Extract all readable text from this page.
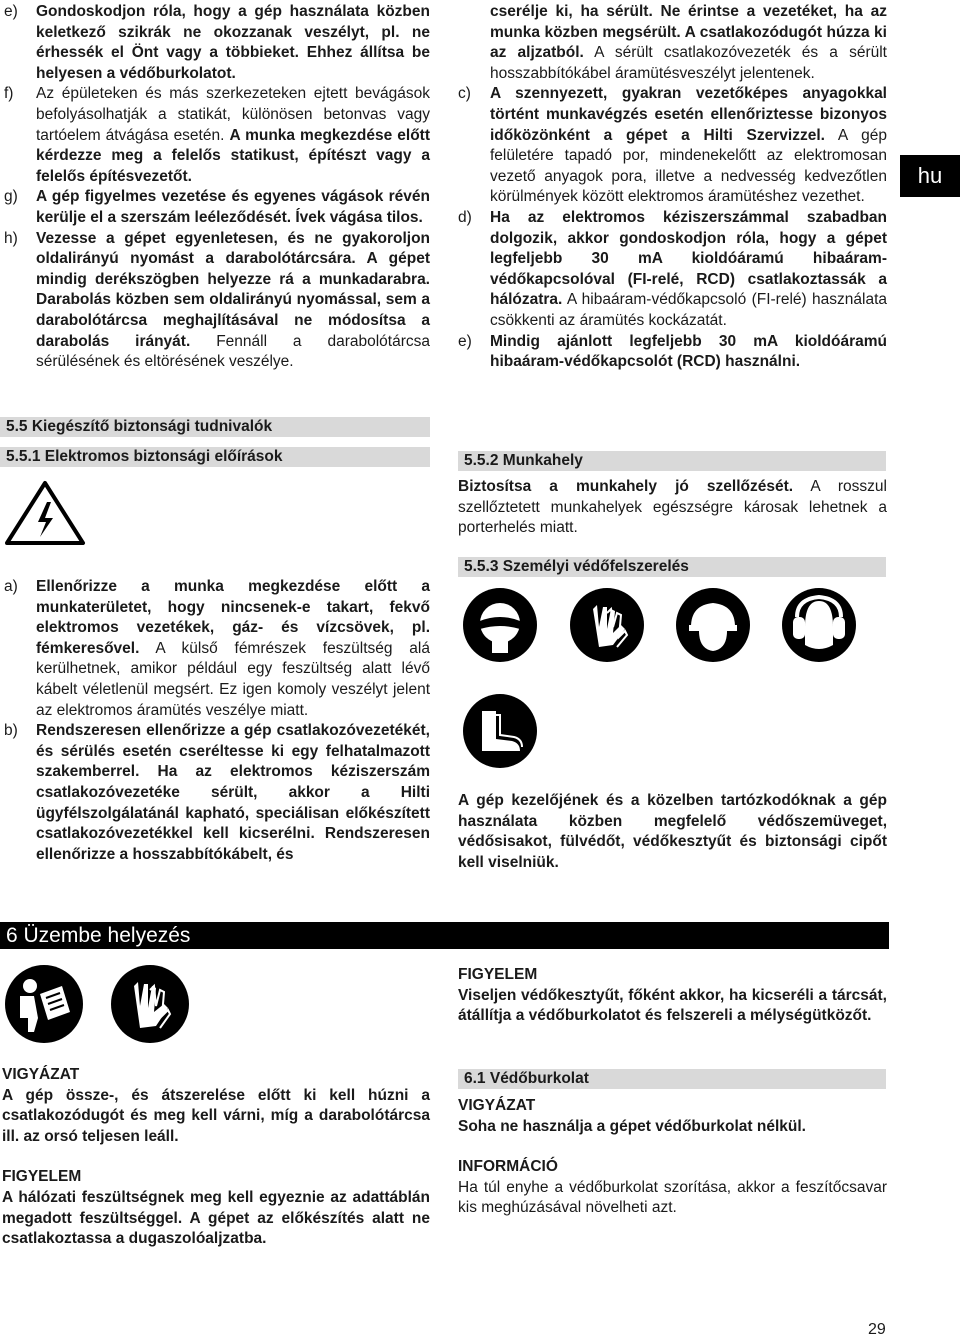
e)	Gondoskodjon róla, hogy a gép használata közben keletkező szikrák ne okozzanak veszélyt, pl. ne érhessék el Önt vagy a többieket. Ehhez állítsa be helyesen a védőburkolatot.
f)	Az épületeken és más szerkezeteken ejtett bevágások befolyásolhatják a statikát, különösen betonvas vagy tartóelem átvágása esetén. A munka megkezdése előtt kérdezze meg a felelős statikust, építészt vagy a felelős építésvezetőt.
g)	A gép figyelmes vezetése és egyenes vágások révén kerülje el a szerszám leéleződését. Ívek vágása tilos.
h)	Vezesse a gépet egyenletesen, és ne gyakoroljon oldalirányú nyomást a darabolótárcsára. A gépet mindig derékszögben helyezze rá a munkadarabra. Darabolás közben sem oldalirányú nyomással, sem a darabolótárcsa meghajlításával ne módosítsa a darabolás irányát. Fennáll a darabolótárcsa sérülésének és eltörésének veszélye.
5.5 Kiegészítő biztonsági tudnivalók
5.5.1 Elektromos biztonsági előírások
a)	Ellenőrizze a munka megkezdése előtt a munkaterületet, hogy nincsenek-e takart, fekvő elektromos vezetékek, gáz- és vízcsövek, pl. fémkeresővel. A külső fémrészek feszültség alá kerülhetnek, amikor például egy feszültség alatt lévő kábelt véletlenül megsért. Ez igen komoly veszélyt jelent az elektromos áramütés veszélye miatt.
b)	Rendszeresen ellenőrizze a gép csatlakozóvezetékét, és sérülés esetén cseréltesse ki egy felhatalmazott szakemberrel. Ha az elektromos kéziszerszám csatlakozóvezetéke sérült, akkor a Hilti ügyfélszolgálatánál kapható, speciálisan előkészített csatlakozóvezetékkel kell kicserélni. Rendszeresen ellenőrizze a hosszabbítókábelt, és
cserélje ki, ha sérült. Ne érintse a vezetéket, ha az munka közben megsérült. A csatlakozódugót húzza ki az aljzatból. A sérült csatlakozóvezeték és a sérült hosszabbítókábel áramütésveszélyt jelentenek.
c)	A szennyezett, gyakran vezetőképes anyagokkal történt munkavégzés esetén ellenőriztesse bizonyos időközönként a gépet a Hilti Szervizzel. A gép felületére tapadó por, mindenekelőtt az elektromosan vezető anyagok pora, illetve a nedvesség kedvezőtlen körülmények között elektromos áramütéshez vezethet.
d)	Ha az elektromos kéziszerszámmal szabadban dolgozik, akkor gondoskodjon róla, hogy a gépet legfeljebb 30 mA kioldóáramú hibaáram-védőkapcsolóval (FI-relé, RCD) csatlakoztassák a hálózatra. A hibaáram-védőkapcsoló (FI-relé) használata csökkenti az áramütés kockázatát.
e)	Mindig ajánlott legfeljebb 30 mA kioldóáramú hibaáram-védőkapcsolót (RCD) használni.
hu
5.5.2 Munkahely

Biztosítsa a munkahely jó szellőzését. A rosszul szellőztetett munkahelyek egészségre károsak lehetnek a porterhelés miatt.

5.5.3 Személyi védőfelszerelés

A gép kezelőjének és a közelben tartózkodóknak a gép használata közben megfelelő védőszemüveget, védősisakot, fülvédőt, védőkesztyűt és biztonsági cipőt kell viselniük.

6 Üzembe helyezés
VIGYÁZAT

A gép össze-, és átszerelése előtt ki kell húzni a csatlakozódugót és meg kell várni, míg a darabolótárcsa ill. az orsó teljesen leáll.

FIGYELEM

A hálózati feszültségnek meg kell egyeznie az adattáblán megadott feszültséggel. A gépet az előkészítés alatt ne csatlakoztassa a dugaszolóaljzatba.

FIGYELEM

Viseljen védőkesztyűt, főként akkor, ha kicseréli a tárcsát, átállítja a védőburkolatot és felszereli a mélységütközőt.

6.1 Védőburkolat
VIGYÁZAT

Soha ne használja a gépet védőburkolat nélkül.

INFORMÁCIÓ

Ha túl enyhe a védőburkolat szorítása, akkor a feszítőcsavar kis meghúzásával növelheti azt.

29
